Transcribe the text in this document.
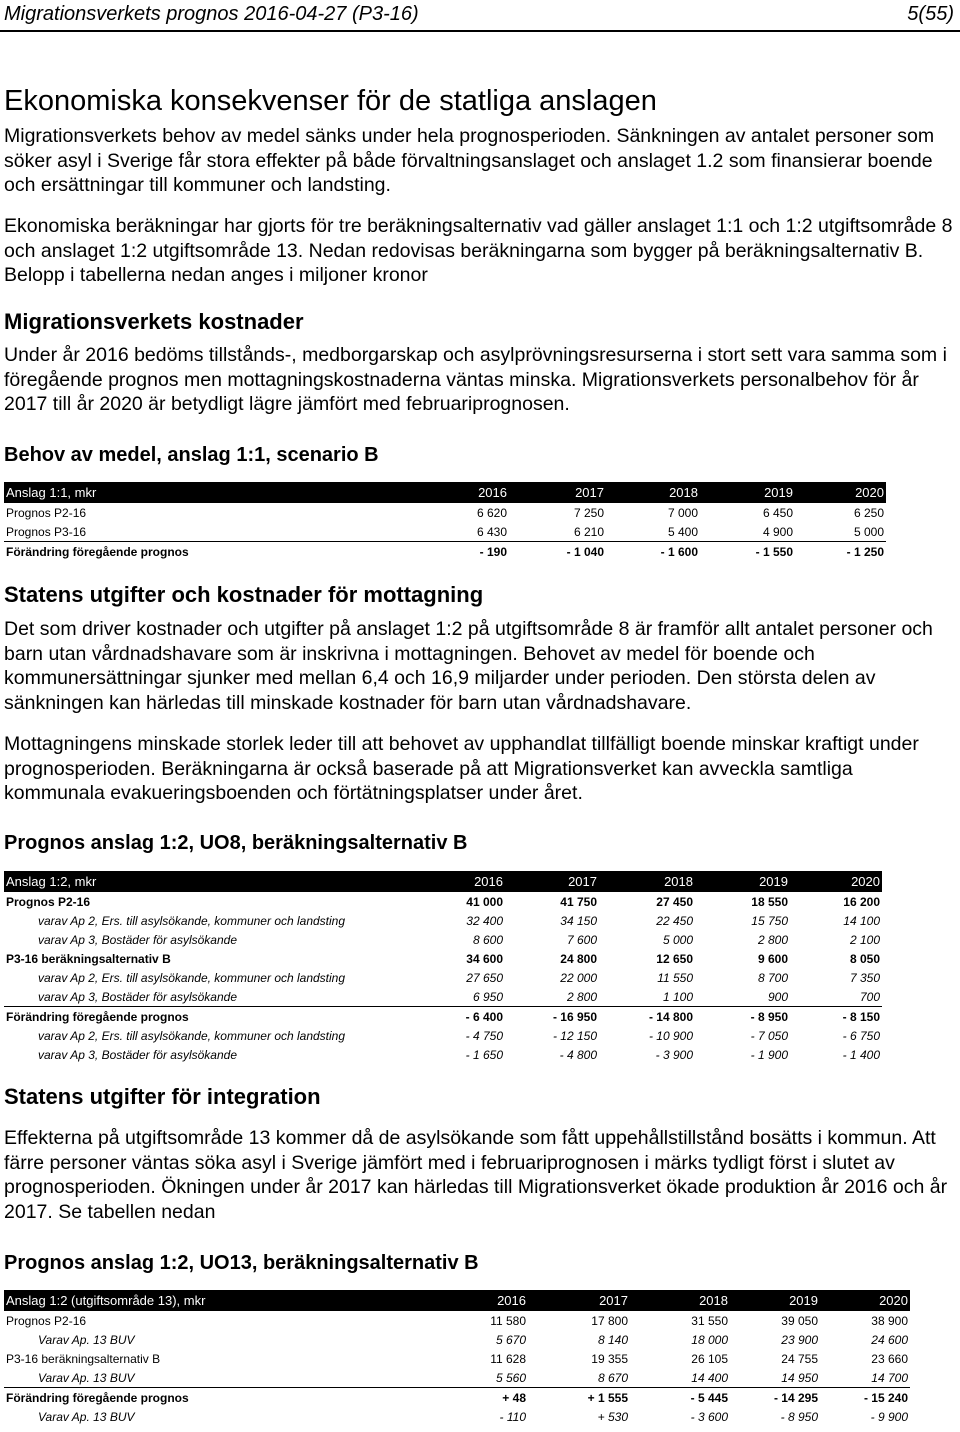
Migrationsverkets prognos 2016-04-27 (P3-16)	5(55)
Ekonomiska konsekvenser för de statliga anslagen

Migrationsverkets behov av medel sänks under hela prognosperioden. Sänkningen av antalet personer som söker asyl i Sverige får stora effekter på både förvaltningsanslaget och anslaget 1.2 som finansierar boende och ersättningar till kommuner och landsting.

Ekonomiska beräkningar har gjorts för tre beräkningsalternativ vad gäller anslaget 1:1 och 1:2 utgiftsområde 8 och anslaget 1:2 utgiftsområde 13. Nedan redovisas beräkningarna som bygger på beräkningsalternativ B. Belopp i tabellerna nedan anges i miljoner kronor

Migrationsverkets kostnader

Under år 2016 bedöms tillstånds-, medborgarskap och asylprövningsresurserna i stort sett vara samma som i föregående prognos men mottagningskostnaderna väntas minska. Migrationsverkets personalbehov för år 2017 till år 2020 är betydligt lägre jämfört med februariprognosen.

Behov av medel, anslag 1:1, scenario B
Anslag 1:1, mkr	2016	2017	2018	2019	2020
Prognos P2-16	6 620	7 250	7 000	6 450	6 250
Prognos P3-16	6 430	6 210	5 400	4 900	5 000
Förändring föregående prognos	- 190	- 1 040	- 1 600	- 1 550	- 1 250
Statens utgifter och kostnader för mottagning

Det som driver kostnader och utgifter på anslaget 1:2 på utgiftsområde 8 är framför allt antalet personer och barn utan vårdnadshavare som är inskrivna i mottagningen. Behovet av medel för boende och kommunersättningar sjunker med mellan 6,4 och 16,9 miljarder under perioden. Den största delen av sänkningen kan härledas till minskade kostnader för barn utan vårdnadshavare.

Mottagningens minskade storlek leder till att behovet av upphandlat tillfälligt boende minskar kraftigt under prognosperioden. Beräkningarna är också baserade på att Migrationsverket kan avveckla samtliga kommunala evakueringsboenden och förtätningsplatser under året.

Prognos anslag 1:2, UO8, beräkningsalternativ B
Anslag 1:2, mkr	2016	2017	2018	2019	2020
Prognos P2-16	41 000	41 750	27 450	18 550	16 200
varav Ap 2, Ers. till asylsökande, kommuner och landsting	32 400	34 150	22 450	15 750	14 100
varav Ap 3, Bostäder för asylsökande	8 600	7 600	5 000	2 800	2 100
P3-16 beräkningsalternativ B	34 600	24 800	12 650	9 600	8 050
varav Ap 2, Ers. till asylsökande, kommuner och landsting	27 650	22 000	11 550	8 700	7 350
varav Ap 3, Bostäder för asylsökande	6 950	2 800	1 100	900	700
Förändring föregående prognos	- 6 400	- 16 950	- 14 800	- 8 950	- 8 150
varav Ap 2, Ers. till asylsökande, kommuner och landsting	- 4 750	- 12 150	- 10 900	- 7 050	- 6 750
varav Ap 3, Bostäder för asylsökande	- 1 650	- 4 800	- 3 900	- 1 900	- 1 400
Statens utgifter för integration

Effekterna på utgiftsområde 13 kommer då de asylsökande som fått uppehållstillstånd bosätts i kommun. Att färre personer väntas söka asyl i Sverige jämfört med i februariprognosen i märks tydligt först i slutet av prognosperioden. Ökningen under år 2017 kan härledas till Migrationsverket ökade produktion år 2016 och år 2017. Se tabellen nedan

Prognos anslag 1:2, UO13, beräkningsalternativ B
Anslag 1:2 (utgiftsområde 13), mkr	2016	2017	2018	2019	2020
Prognos P2-16	11 580	17 800	31 550	39 050	38 900
Varav Ap. 13 BUV	5 670	8 140	18 000	23 900	24 600
P3-16 beräkningsalternativ B	11 628	19 355	26 105	24 755	23 660
Varav Ap. 13 BUV	5 560	8 670	14 400	14 950	14 700
Förändring föregående prognos	+ 48	+ 1 555	- 5 445	- 14 295	- 15 240
Varav Ap. 13 BUV	- 110	+ 530	- 3 600	- 8 950	- 9 900
